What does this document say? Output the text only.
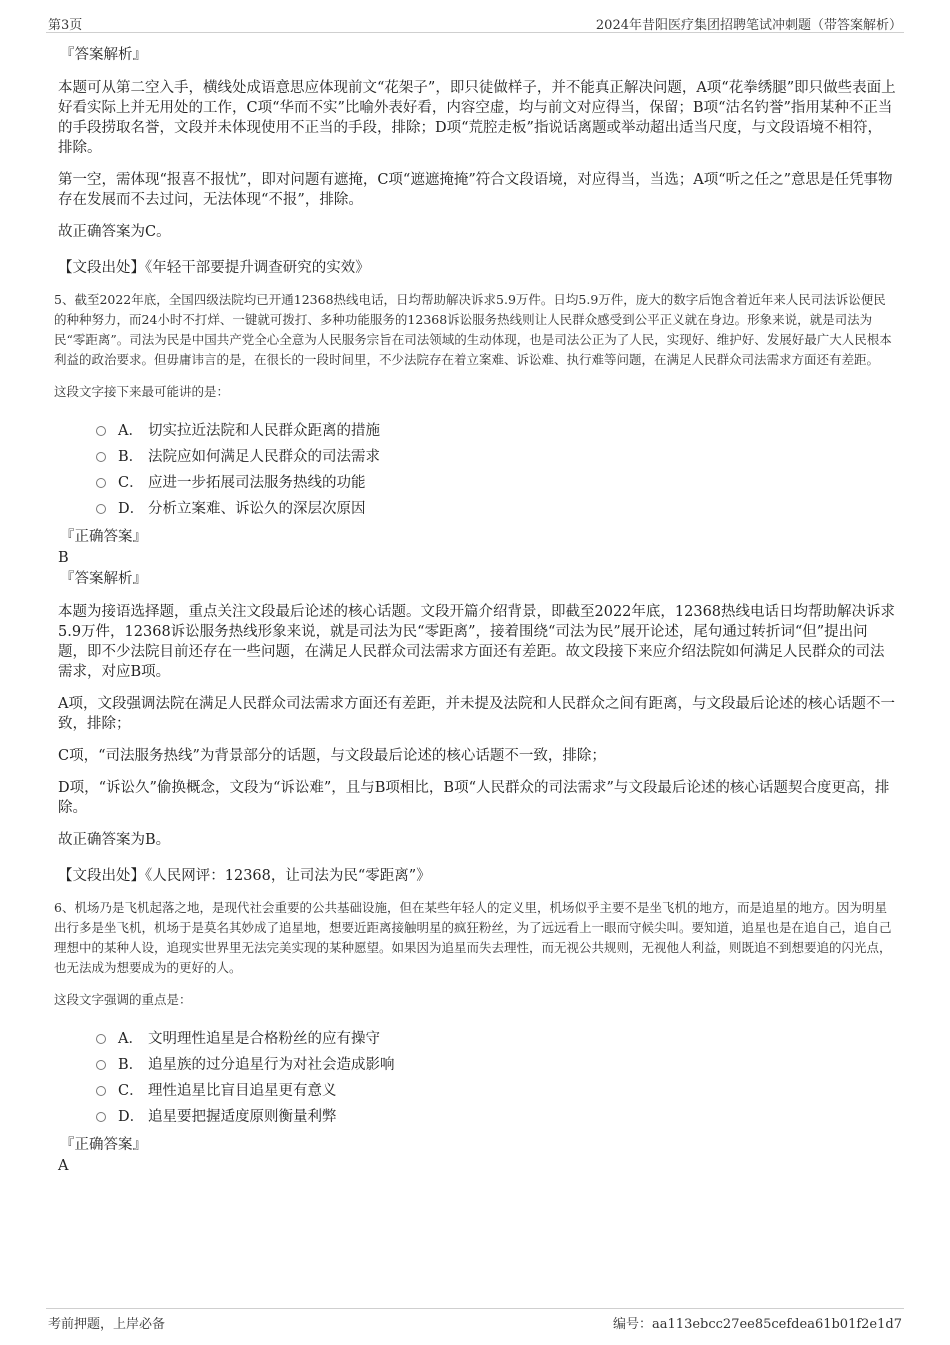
第3页	2024年昔阳医疗集团招聘笔试冲刺题（带答案解析）
『答案解析』

本题可从第二空入手，横线处成语意思应体现前文“花架子”，即只徒做样子，并不能真正解决问题，A项“花拳绣腿”即只做些表面上好看实际上并无用处的工作，C项“华而不实”比喻外表好看，内容空虚，均与前文对应得当，保留；B项“沽名钓誉”指用某种不正当的手段捞取名誉，文段并未体现使用不正当的手段，排除；D项“荒腔走板”指说话离题或举动超出适当尺度，与文段语境不相符，排除。

第一空，需体现“报喜不报忧”，即对问题有遮掩，C项“遮遮掩掩”符合文段语境，对应得当，当选；A项“听之任之”意思是任凭事物存在发展而不去过问，无法体现“不报”，排除。

故正确答案为C。

【文段出处】《年轻干部要提升调查研究的实效》

5、截至2022年底，全国四级法院均已开通12368热线电话，日均帮助解决诉求5.9万件。日均5.9万件，庞大的数字后饱含着近年来人民司法诉讼便民的种种努力，而24小时不打烊、一键就可拨打、多种功能服务的12368诉讼服务热线则让人民群众感受到公平正义就在身边。形象来说，就是司法为民“零距离”。司法为民是中国共产党全心全意为人民服务宗旨在司法领域的生动体现，也是司法公正为了人民，实现好、维护好、发展好最广大人民根本利益的政治要求。但毋庸讳言的是，在很长的一段时间里，不少法院存在着立案难、诉讼难、执行难等问题，在满足人民群众司法需求方面还有差距。

这段文字接下来最可能讲的是：

A． 切实拉近法院和人民群众距离的措施
B． 法院应如何满足人民群众的司法需求
C． 应进一步拓展司法服务热线的功能
D． 分析立案难、诉讼久的深层次原因
『正确答案』
B
『答案解析』

本题为接语选择题，重点关注文段最后论述的核心话题。文段开篇介绍背景，即截至2022年底，12368热线电话日均帮助解决诉求5.9万件，12368诉讼服务热线形象来说，就是司法为民“零距离”，接着围绕“司法为民”展开论述，尾句通过转折词“但”提出问题，即不少法院目前还存在一些问题，在满足人民群众司法需求方面还有差距。故文段接下来应介绍法院如何满足人民群众的司法需求，对应B项。

A项，文段强调法院在满足人民群众司法需求方面还有差距，并未提及法院和人民群众之间有距离，与文段最后论述的核心话题不一致，排除；

C项，“司法服务热线”为背景部分的话题，与文段最后论述的核心话题不一致，排除；

D项，“诉讼久”偷换概念，文段为“诉讼难”，且与B项相比，B项“人民群众的司法需求”与文段最后论述的核心话题契合度更高，排除。

故正确答案为B。

【文段出处】《人民网评：12368，让司法为民“零距离”》

6、机场乃是飞机起落之地，是现代社会重要的公共基础设施，但在某些年轻人的定义里，机场似乎主要不是坐飞机的地方，而是追星的地方。因为明星出行多是坐飞机，机场于是莫名其妙成了追星地，想要近距离接触明星的疯狂粉丝，为了远远看上一眼而守候尖叫。要知道，追星也是在追自己，追自己理想中的某种人设，追现实世界里无法完美实现的某种愿望。如果因为追星而失去理性，而无视公共规则，无视他人利益，则既追不到想要追的闪光点，也无法成为想要成为的更好的人。

这段文字强调的重点是：

A． 文明理性追星是合格粉丝的应有操守
B． 追星族的过分追星行为对社会造成影响
C． 理性追星比盲目追星更有意义
D． 追星要把握适度原则衡量利弊
『正确答案』
A
考前押题，上岸必备	编号：aa113ebcc27ee85cefdea61b01f2e1d7
